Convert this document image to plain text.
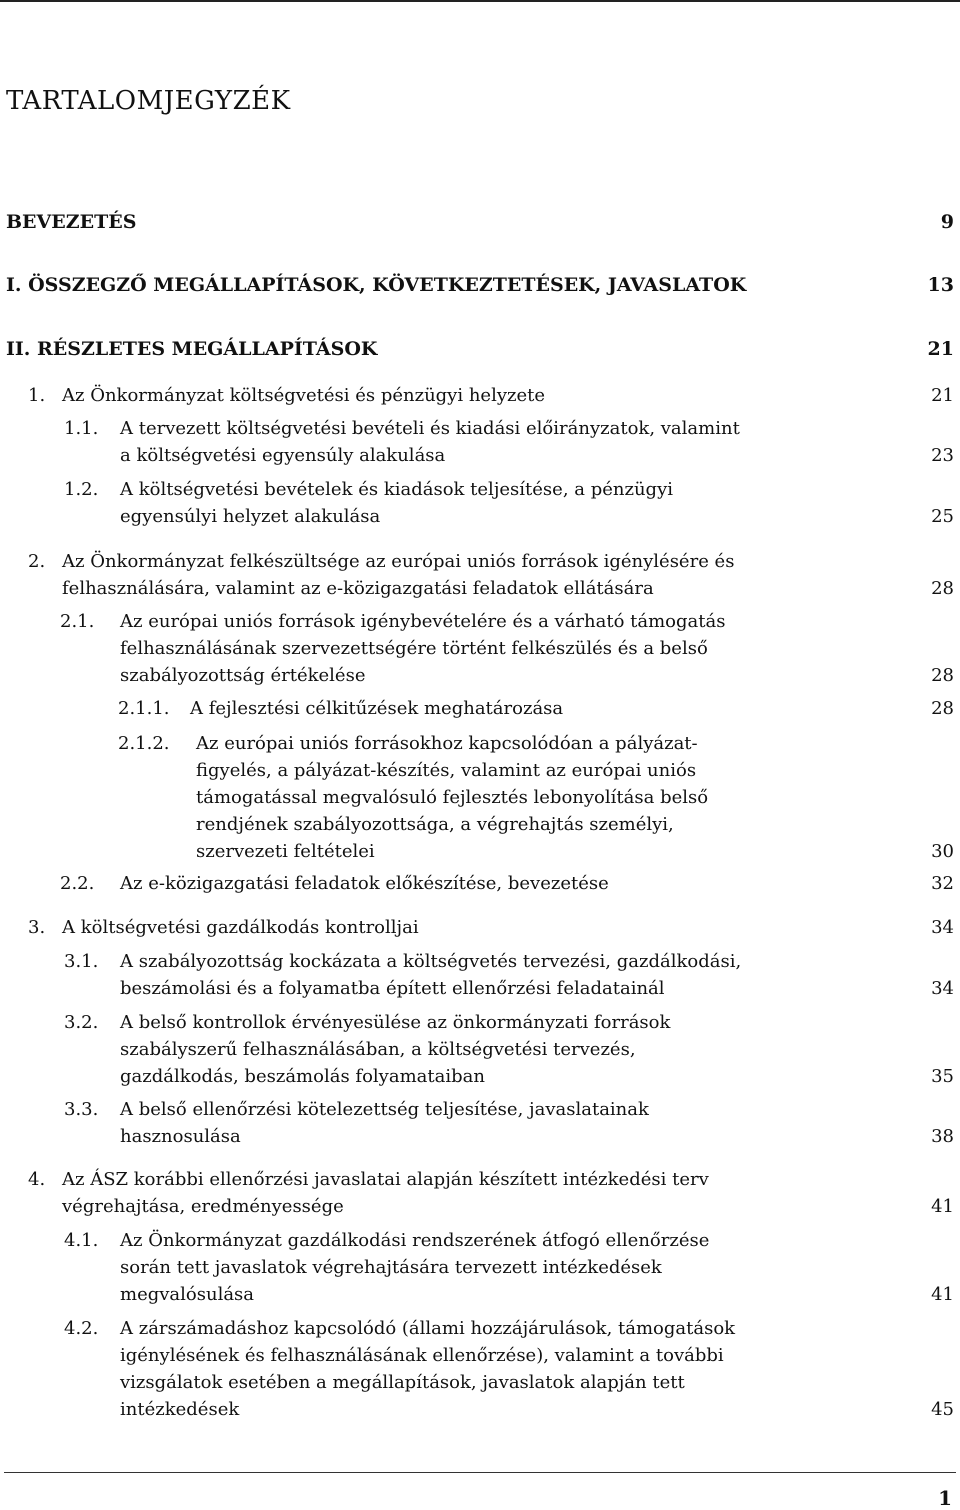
TARTALOMJEGYZÉK
BEVEZETÉS	9
I. ÖSSZEGZŐ MEGÁLLAPÍTÁSOK, KÖVETKEZTETÉSEK, JAVASLATOK	13
II. RÉSZLETES MEGÁLLAPÍTÁSOK	21
1. Az Önkormányzat költségvetési és pénzügyi helyzete	21
1.1. A tervezett költségvetési bevételi és kiadási előirányzatok, valamint
a költségvetési egyensúly alakulása	23
1.2. A költségvetési bevételek és kiadások teljesítése, a pénzügyi
egyensúlyi helyzet alakulása	25
2. Az Önkormányzat felkészültsége az európai uniós források igénylésére és
felhasználására, valamint az e-közigazgatási feladatok ellátására	28
2.1. Az európai uniós források igénybevételére és a várható támogatás
felhasználásának szervezettségére történt felkészülés és a belső
szabályozottság értékelése	28
2.1.1. A fejlesztési célkitűzések meghatározása	28
2.1.2. Az európai uniós forrásokhoz kapcsolódóan a pályázat-
figyelés, a pályázat-készítés, valamint az európai uniós
támogatással megvalósuló fejlesztés lebonyolítása belső
rendjének szabályozottsága, a végrehajtás személyi,
szervezeti feltételei	30
2.2. Az e-közigazgatási feladatok előkészítése, bevezetése	32
3. A költségvetési gazdálkodás kontrolljai	34
3.1. A szabályozottság kockázata a költségvetés tervezési, gazdálkodási,
beszámolási és a folyamatba épített ellenőrzési feladatainál	34
3.2. A belső kontrollok érvényesülése az önkormányzati források
szabályszerű felhasználásában, a költségvetési tervezés,
gazdálkodás, beszámolás folyamataiban	35
3.3. A belső ellenőrzési kötelezettség teljesítése, javaslatainak
hasznosulása	38
4. Az ÁSZ korábbi ellenőrzési javaslatai alapján készített intézkedési terv
végrehajtása, eredményessége	41
4.1. Az Önkormányzat gazdálkodási rendszerének átfogó ellenőrzése
során tett javaslatok végrehajtására tervezett intézkedések
megvalósulása	41
4.2. A zárszámadáshoz kapcsolódó (állami hozzájárulások, támogatások
igénylésének és felhasználásának ellenőrzése), valamint a további
vizsgálatok esetében a megállapítások, javaslatok alapján tett
intézkedések	45
1
